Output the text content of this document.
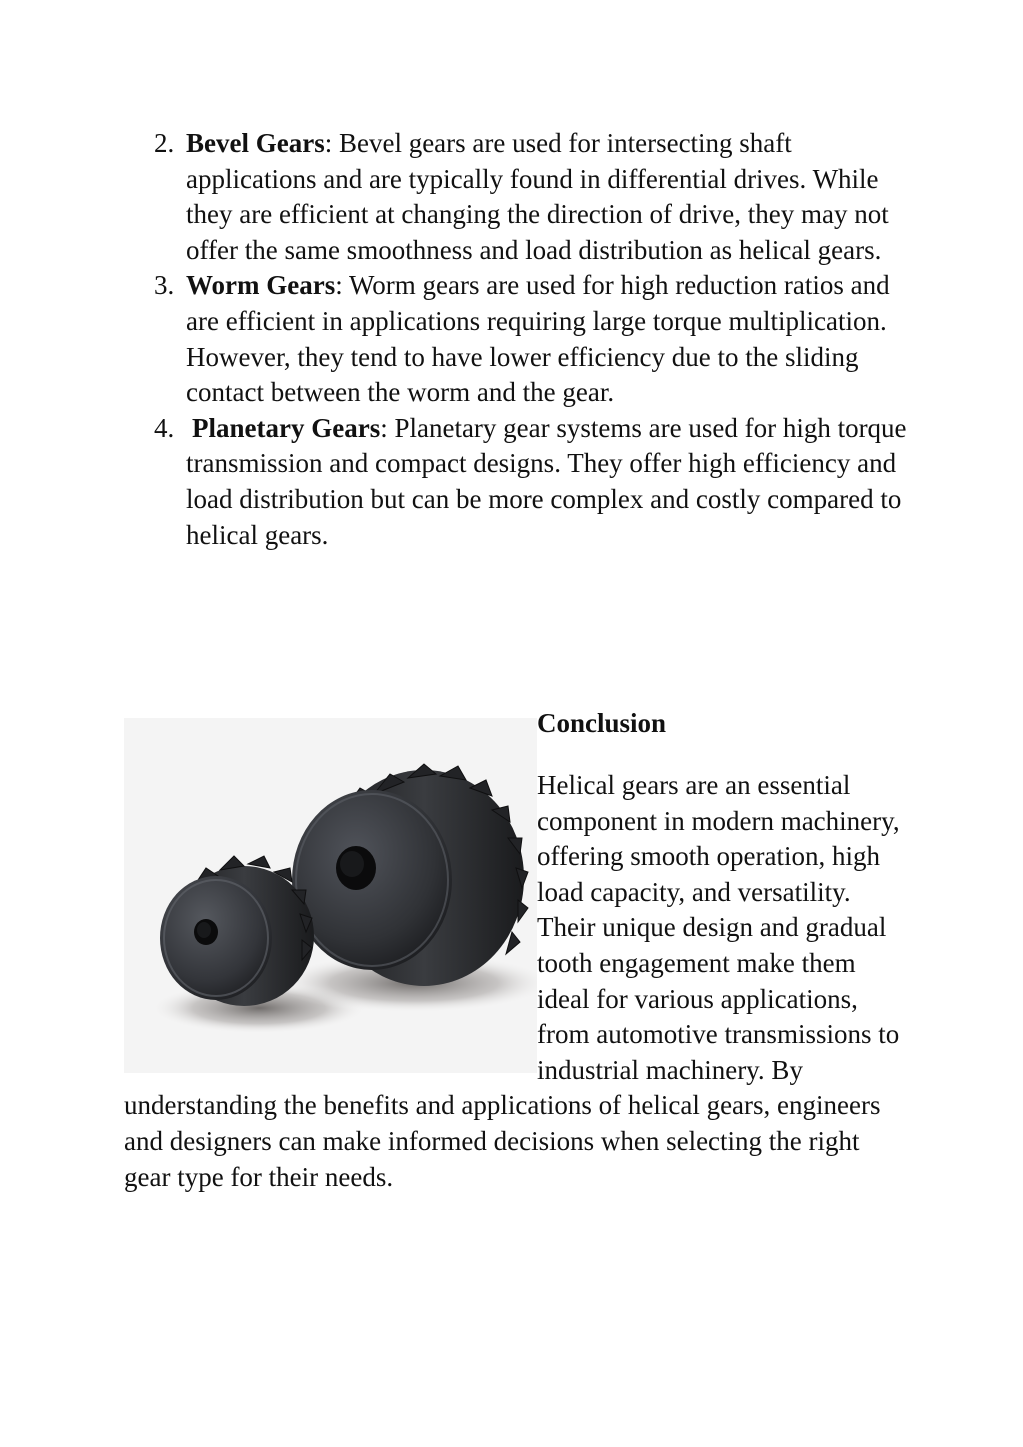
2. Bevel Gears: Bevel gears are used for intersecting shaft applications and are typically found in differential drives. While they are efficient at changing the direction of drive, they may not offer the same smoothness and load distribution as helical gears.
3. Worm Gears: Worm gears are used for high reduction ratios and are efficient in applications requiring large torque multiplication. However, they tend to have lower efficiency due to the sliding contact between the worm and the gear.
4. Planetary Gears: Planetary gear systems are used for high torque transmission and compact designs. They offer high efficiency and load distribution but can be more complex and costly compared to helical gears.
Conclusion
Helical gears are an essential component in modern machinery, offering smooth operation, high load capacity, and versatility. Their unique design and gradual tooth engagement make them ideal for various applications, from automotive transmissions to industrial machinery. By understanding the benefits and applications of helical gears, engineers and designers can make informed decisions when selecting the right gear type for their needs.
